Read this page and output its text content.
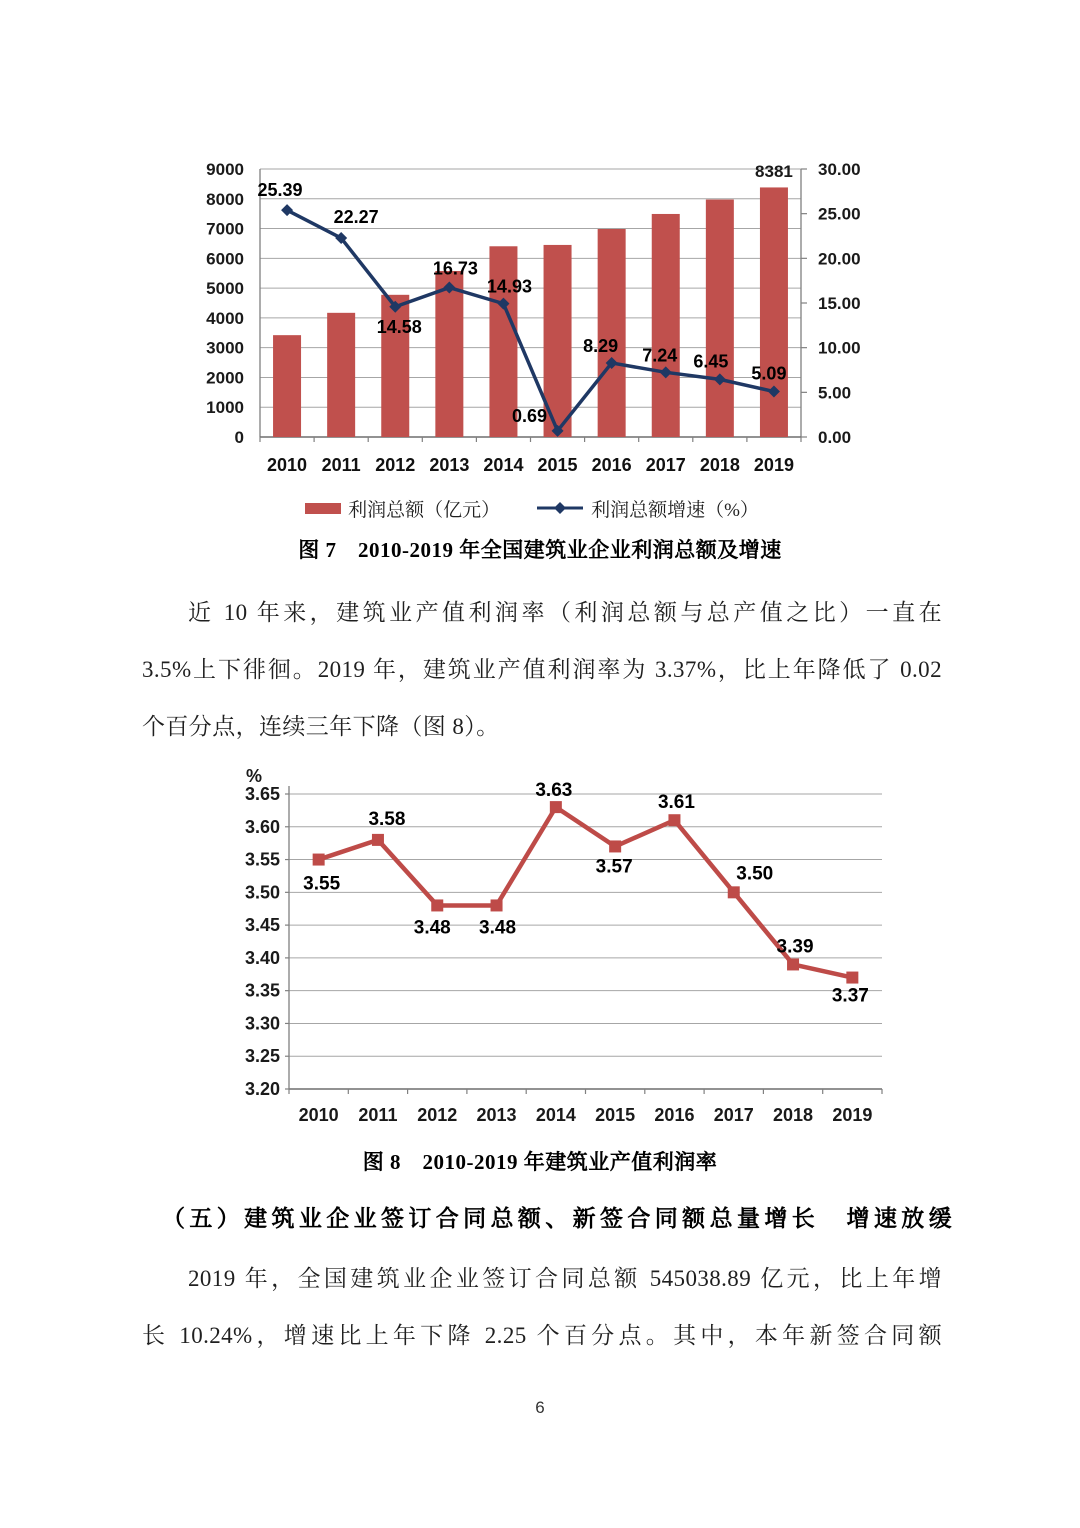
0
1000
2000
3000
4000
5000
6000
7000
8000
9000
0.00
5.00
10.00
15.00
20.00
25.00
30.00
8381
25.39
22.27
14.58
16.73
14.93
0.69
8.29 7.24 6.45
5.09
2010 2011 2012 2013 2014 2015 2016 2017 2018 2019
利润总额（亿元）	利润总额增速（%）
图 7　2010-2019 年全国建筑业企业利润总额及增速
近 10 年来，建筑业产值利润率（利润总额与总产值之比）一直在
3.5%上下徘徊。2019 年，建筑业产值利润率为 3.37%，比上年降低了 0.02
个百分点，连续三年下降（图 8）。
3.20
3.25
3.30
3.35
3.40
3.45
3.50
3.55
3.60
3.65
%
3.55
3.58
3.48 3.48
3.63
3.57
3.61
3.50
3.39
3.37
2010 2011 2012 2013 2014 2015 2016 2017 2018 2019
图 8　2010-2019 年建筑业产值利润率
（五）建筑业企业签订合同总额、新签合同额总量增长　增速放缓
2019 年，全国建筑业企业签订合同总额 545038.89 亿元，比上年增
长 10.24%，增速比上年下降 2.25 个百分点。其中，本年新签合同额
6
